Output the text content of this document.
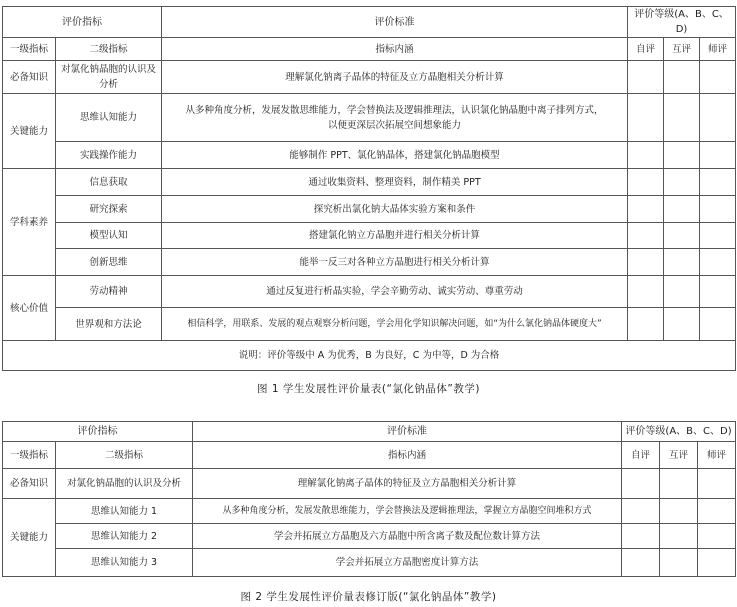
评价指标		评价标准	评价等级(A、B、C、D)		
一级指标	二级指标	指标内涵	自评	互评	师评
必备知识	对氯化钠晶胞的认识及分析	理解氯化钠离子晶体的特征及立方晶胞相关分析计算			
关键能力	思维认知能力	从多种角度分析，发展发散思维能力，学会替换法及逻辑推理法，认识氯化钠晶胞中离子排列方式，以便更深层次拓展空间想象能力			
	实践操作能力	能够制作 PPT、氯化钠晶体，搭建氯化钠晶胞模型			
学科素养	信息获取	通过收集资料、整理资料，制作精美 PPT			
	研究探索	探究析出氯化钠大晶体实验方案和条件			
	模型认知	搭建氯化钠立方晶胞并进行相关分析计算			
	创新思维	能举一反三对各种立方晶胞进行相关分析计算			
核心价值	劳动精神	通过反复进行析晶实验，学会辛勤劳动、诚实劳动、尊重劳动			
	世界观和方法论	相信科学，用联系、发展的观点观察分析问题，学会用化学知识解决问题，如“为什么氯化钠晶体硬度大”			
说明：评价等级中 A 为优秀，B 为良好，C 为中等，D 为合格					
图 1 学生发展性评价量表(“氯化钠晶体”教学)
评价指标		评价标准	评价等级(A、B、C、D)		
一级指标	二级指标	指标内涵	自评	互评	师评
必备知识	对氯化钠晶胞的认识及分析	理解氯化钠离子晶体的特征及立方晶胞相关分析计算			
关键能力	思维认知能力 1	从多种角度分析，发展发散思维能力，学会替换法及逻辑推理法，掌握立方晶胞空间堆积方式			
	思维认知能力 2	学会并拓展立方晶胞及六方晶胞中所含离子数及配位数计算方法			
	思维认知能力 3	学会并拓展立方晶胞密度计算方法			
图 2 学生发展性评价量表修订版(“氯化钠晶体”教学)
